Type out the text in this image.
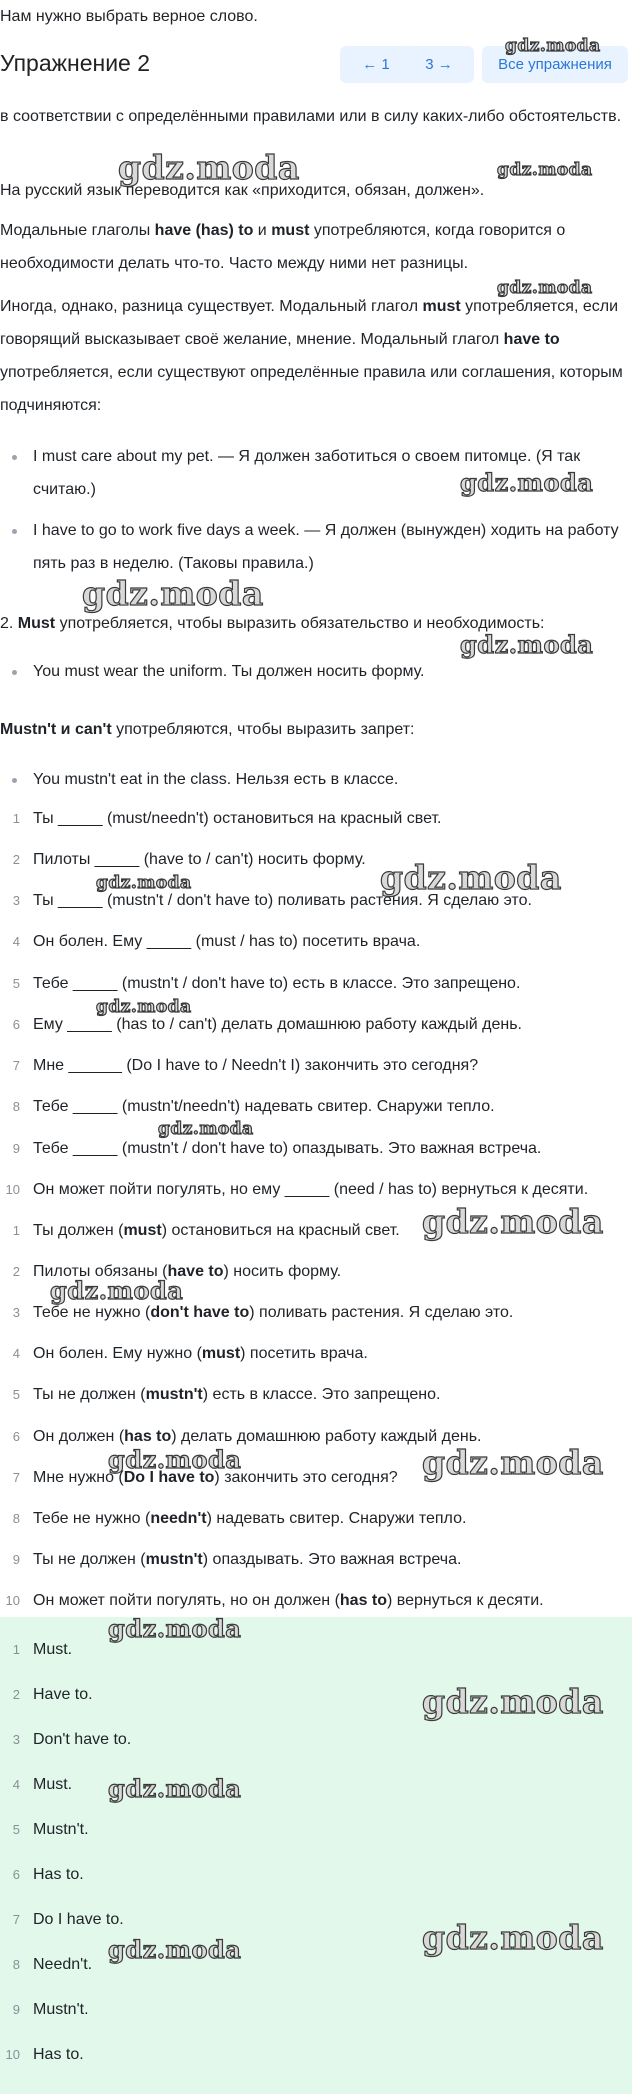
Нам нужно выбрать верное слово.
Упражнение 2	← 1	3 →	Все упражнения
в соответствии с определёнными правилами или в силу каких-либо обстоятельств.
На русский язык переводится как «приходится, обязан, должен».
Модальные глаголы have (has) to и must употребляются, когда говорится о необходимости делать что-то. Часто между ними нет разницы.
Иногда, однако, разница существует. Модальный глагол must употребляется, если говорящий высказывает своё желание, мнение. Модальный глагол have to употребляется, если существуют определённые правила или соглашения, которым подчиняются:
I must care about my pet. — Я должен заботиться о своем питомце. (Я так считаю.)
I have to go to work five days a week. — Я должен (вынужден) ходить на работу пять раз в неделю. (Таковы правила.)
2. Must употребляется, чтобы выразить обязательство и необходимость:
You must wear the uniform. Ты должен носить форму.
Mustn't и can't употребляются, чтобы выразить запрет:
You mustn't eat in the class. Нельзя есть в классе.
1 Ты _____ (must/needn't) остановиться на красный свет.
2 Пилоты _____ (have to / can't) носить форму.
3 Ты _____ (mustn't / don't have to) поливать растения. Я сделаю это.
4 Он болен. Ему _____ (must / has to) посетить врача.
5 Тебе _____ (mustn't / don't have to) есть в классе. Это запрещено.
6 Ему _____ (has to / can't) делать домашнюю работу каждый день.
7 Мне ______ (Do I have to / Needn't I) закончить это сегодня?
8 Тебе _____ (mustn't/needn't) надевать свитер. Снаружи тепло.
9 Тебе _____ (mustn't / don't have to) опаздывать. Это важная встреча.
10 Он может пойти погулять, но ему _____ (need / has to) вернуться к десяти.
1 Ты должен (must) остановиться на красный свет.
2 Пилоты обязаны (have to) носить форму.
3 Тебе не нужно (don't have to) поливать растения. Я сделаю это.
4 Он болен. Ему нужно (must) посетить врача.
5 Ты не должен (mustn't) есть в классе. Это запрещено.
6 Он должен (has to) делать домашнюю работу каждый день.
7 Мне нужно (Do I have to) закончить это сегодня?
8 Тебе не нужно (needn't) надевать свитер. Снаружи тепло.
9 Ты не должен (mustn't) опаздывать. Это важная встреча.
10 Он может пойти погулять, но он должен (has to) вернуться к десяти.
1 Must.
2 Have to.
3 Don't have to.
4 Must.
5 Mustn't.
6 Has to.
7 Do I have to.
8 Needn't.
9 Mustn't.
10 Has to.
gdz.moda
gdz.moda	gdz.moda
gdz.moda
gdz.moda
gdz.moda
gdz.moda
gdz.moda
gdz.moda
gdz.moda
gdz.moda
gdz.moda
gdz.moda
gdz.moda	gdz.moda
gdz.moda
gdz.moda
gdz.moda
gdz.moda	gdz.moda
